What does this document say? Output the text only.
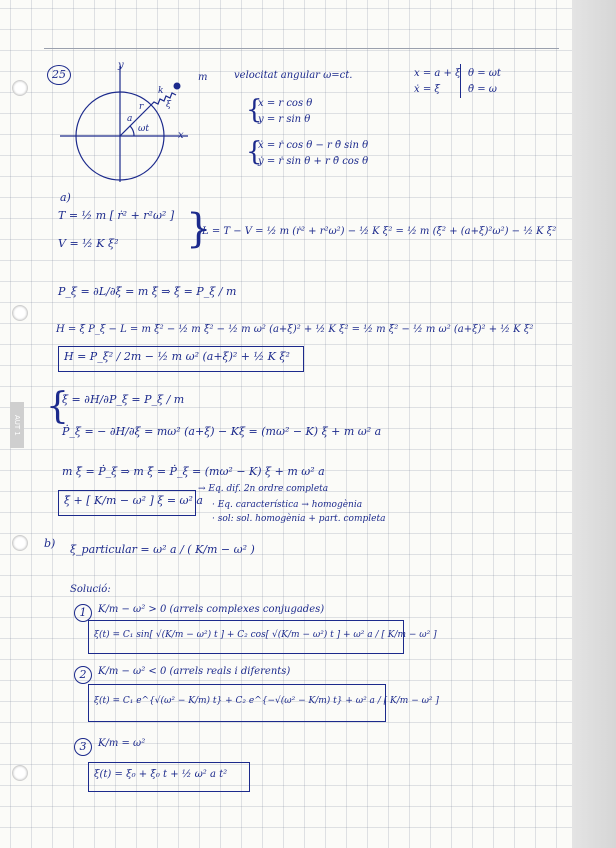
AUT 1
25
y
x
a
r	ξ
ωt
k
m	velocitat angular ω=ct.	x = a + ξ
ẋ = ξ̇
θ = ωt
θ̇ = ω
{
x = r cos θ
y = r sin θ
{
ẋ = ṙ cos θ − r θ̇ sin θ
ẏ = ṙ sin θ + r θ̇ cos θ
a)
T = ½ m [ ṙ² + r²ω² ]
V = ½ K ξ² }
L = T − V = ½ m (ṙ² + r²ω²) − ½ K ξ² = ½ m (ξ̇² + (a+ξ)²ω²) − ½ K ξ²
P_ξ = ∂L/∂ξ̇ = m ξ̇ ⇒ ξ̇ = P_ξ / m
H = ξ̇ P_ξ − L = m ξ̇² − ½ m ξ̇² − ½ m ω² (a+ξ)² + ½ K ξ² = ½ m ξ̇² − ½ m ω² (a+ξ)² + ½ K ξ²
H = P_ξ² / 2m − ½ m ω² (a+ξ)² + ½ K ξ²
{
ξ̇ = ∂H/∂P_ξ = P_ξ / m
Ṗ_ξ = − ∂H/∂ξ = mω² (a+ξ) − Kξ = (mω² − K) ξ + m ω² a
m ξ̈ = Ṗ_ξ ⇒ m ξ̈ = Ṗ_ξ = (mω² − K) ξ + m ω² a
ξ̈ + [ K/m − ω² ] ξ = ω² a
→ Eq. dif. 2n ordre completa
· Eq. característica → homogènia
· sol: sol. homogènia + part. completa
b) ξ_particular = ω² a / ( K/m − ω² )
Solució:
1	K/m − ω² > 0 (arrels complexes conjugades)
ξ(t) = C₁ sin[ √(K/m − ω²) t ] + C₂ cos[ √(K/m − ω²) t ] + ω² a / [ K/m − ω² ]
2	K/m − ω² < 0 (arrels reals i diferents)
ξ(t) = C₁ e^{√(ω² − K/m) t} + C₂ e^{−√(ω² − K/m) t} + ω² a / [ K/m − ω² ]
3	K/m = ω²
ξ(t) = ξ₀ + ξ̇₀ t + ½ ω² a t²
